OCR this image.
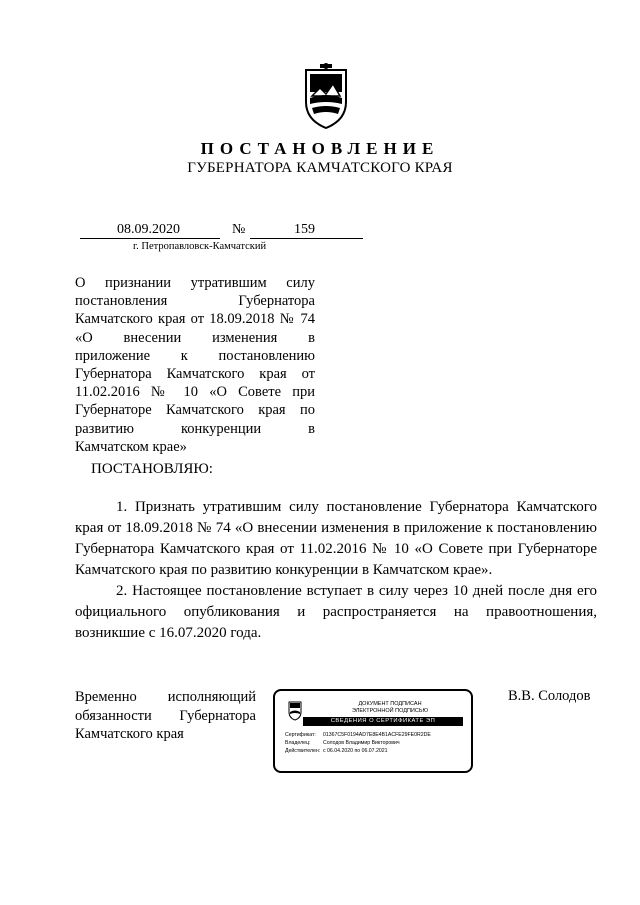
ПОСТАНОВЛЕНИЕ
ГУБЕРНАТОРА КАМЧАТСКОГО КРАЯ
08.09.2020	№	159
г. Петропавловск-Камчатский
О признании утратившим силу
постановления Губернатора
Камчатского края от 18.09.2018 № 74
«О внесении изменения в
приложение к постановлению
Губернатора Камчатского края от
11.02.2016 № 10 «О Совете при
Губернаторе Камчатского края по
развитию конкуренции в
Камчатском крае»
ПОСТАНОВЛЯЮ:

1. Признать утратившим силу постановление Губернатора Камчатского края от 18.09.2018 № 74 «О внесении изменения в приложение к постановлению Губернатора Камчатского края от 11.02.2016 № 10 «О Совете при Губернаторе Камчатского края по развитию конкуренции в Камчатском крае».

2. Настоящее постановление вступает в силу через 10 дней после дня его официального опубликования и распространяется на правоотношения, возникшие с 16.07.2020 года.

Временно исполняющий
обязанности Губернатора
Камчатского края
В.В. Солодов
ДОКУМЕНТ ПОДПИСАН
ЭЛЕКТРОННОЙ ПОДПИСЬЮ
СВЕДЕНИЯ О СЕРТИФИКАТЕ ЭП
Сертификат: 01367C5F0194AD7E8E4B1ACFE29FE0R2DE
Владелец: Солодов Владимир Викторович
Действителен: с 06.04.2020 по 06.07.2021
